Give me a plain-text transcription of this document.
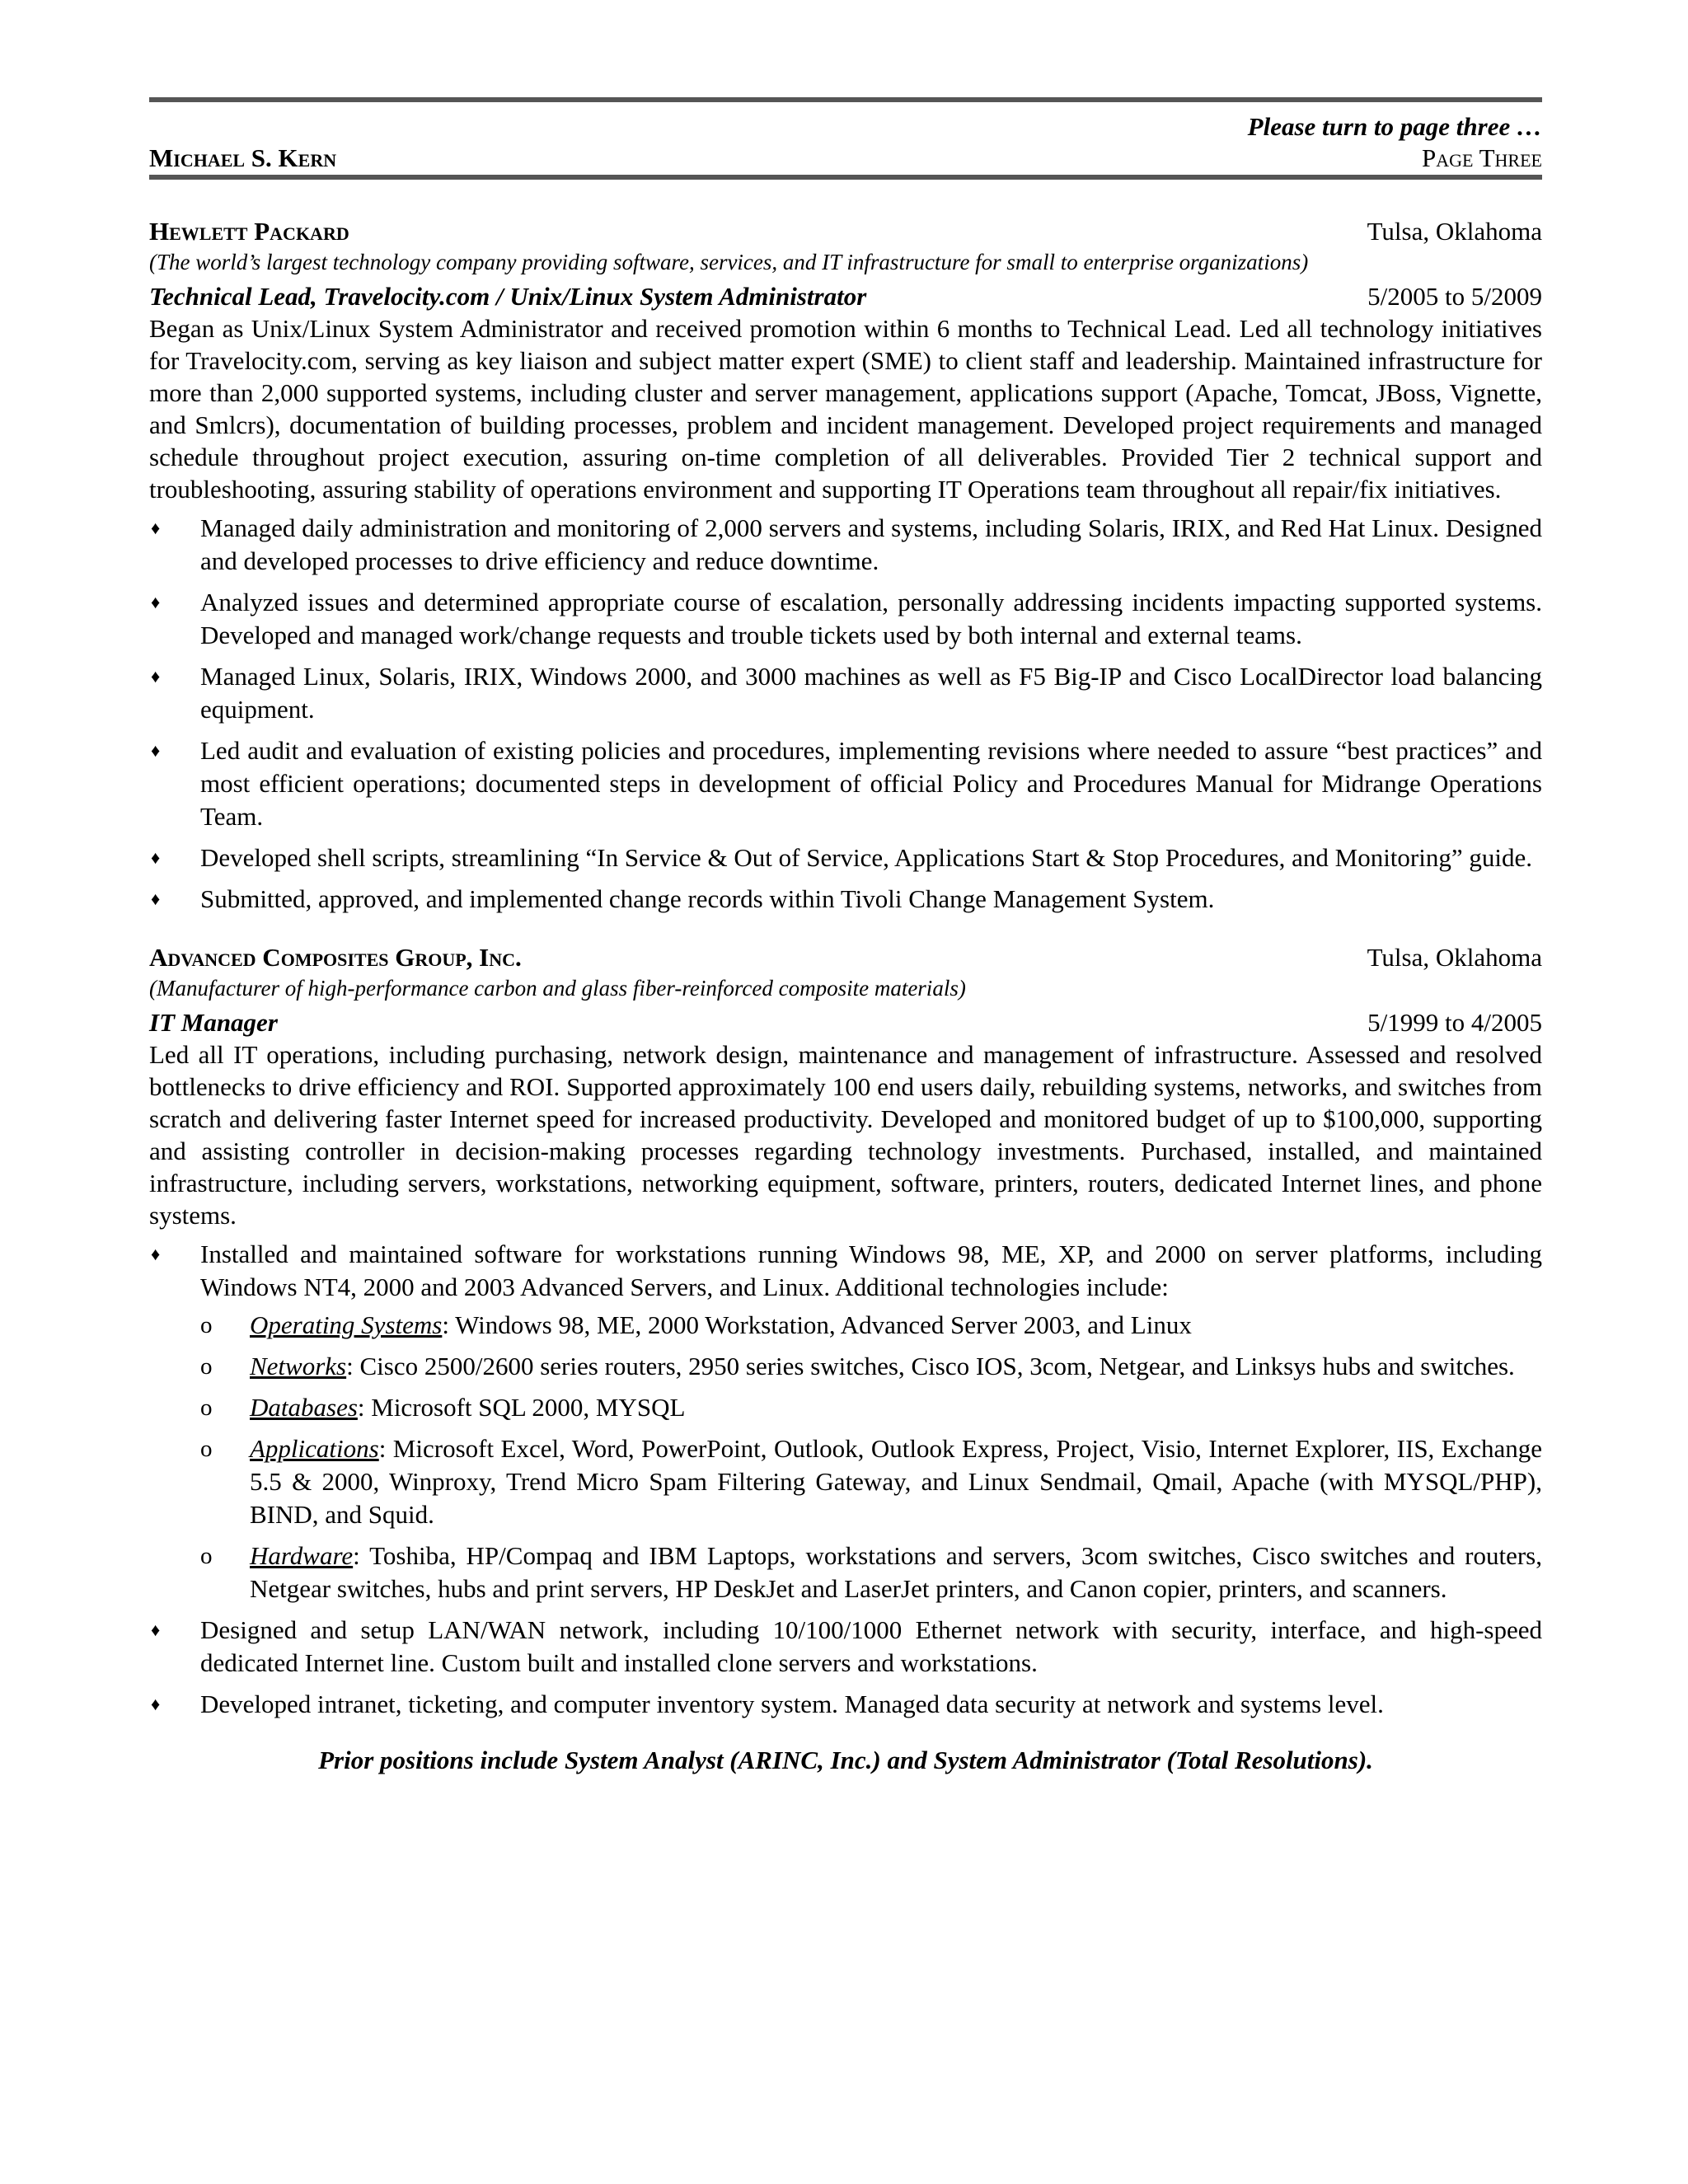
Please turn to page three …
Michael S. Kern	Page Three
Hewlett Packard	Tulsa, Oklahoma
(The world’s largest technology company providing software, services, and IT infrastructure for small to enterprise organizations)
Technical Lead, Travelocity.com / Unix/Linux System Administrator	5/2005 to 5/2009
Began as Unix/Linux System Administrator and received promotion within 6 months to Technical Lead. Led all technology initiatives for Travelocity.com, serving as key liaison and subject matter expert (SME) to client staff and leadership. Maintained infrastructure for more than 2,000 supported systems, including cluster and server management, applications support (Apache, Tomcat, JBoss, Vignette, and Smlcrs), documentation of building processes, problem and incident management. Developed project requirements and managed schedule throughout project execution, assuring on-time completion of all deliverables. Provided Tier 2 technical support and troubleshooting, assuring stability of operations environment and supporting IT Operations team throughout all repair/fix initiatives.
♦ Managed daily administration and monitoring of 2,000 servers and systems, including Solaris, IRIX, and Red Hat Linux. Designed and developed processes to drive efficiency and reduce downtime.
♦ Analyzed issues and determined appropriate course of escalation, personally addressing incidents impacting supported systems. Developed and managed work/change requests and trouble tickets used by both internal and external teams.
♦ Managed Linux, Solaris, IRIX, Windows 2000, and 3000 machines as well as F5 Big-IP and Cisco LocalDirector load balancing equipment.
♦ Led audit and evaluation of existing policies and procedures, implementing revisions where needed to assure “best practices” and most efficient operations; documented steps in development of official Policy and Procedures Manual for Midrange Operations Team.
♦ Developed shell scripts, streamlining “In Service & Out of Service, Applications Start & Stop Procedures, and Monitoring” guide.
♦ Submitted, approved, and implemented change records within Tivoli Change Management System.
Advanced Composites Group, Inc.	Tulsa, Oklahoma
(Manufacturer of high-performance carbon and glass fiber-reinforced composite materials)
IT Manager	5/1999 to 4/2005
Led all IT operations, including purchasing, network design, maintenance and management of infrastructure. Assessed and resolved bottlenecks to drive efficiency and ROI. Supported approximately 100 end users daily, rebuilding systems, networks, and switches from scratch and delivering faster Internet speed for increased productivity. Developed and monitored budget of up to $100,000, supporting and assisting controller in decision-making processes regarding technology investments. Purchased, installed, and maintained infrastructure, including servers, workstations, networking equipment, software, printers, routers, dedicated Internet lines, and phone systems.
♦ Installed and maintained software for workstations running Windows 98, ME, XP, and 2000 on server platforms, including Windows NT4, 2000 and 2003 Advanced Servers, and Linux. Additional technologies include:
o Operating Systems: Windows 98, ME, 2000 Workstation, Advanced Server 2003, and Linux
o Networks: Cisco 2500/2600 series routers, 2950 series switches, Cisco IOS, 3com, Netgear, and Linksys hubs and switches.
o Databases: Microsoft SQL 2000, MYSQL
o Applications: Microsoft Excel, Word, PowerPoint, Outlook, Outlook Express, Project, Visio, Internet Explorer, IIS, Exchange 5.5 & 2000, Winproxy, Trend Micro Spam Filtering Gateway, and Linux Sendmail, Qmail, Apache (with MYSQL/PHP), BIND, and Squid.
o Hardware: Toshiba, HP/Compaq and IBM Laptops, workstations and servers, 3com switches, Cisco switches and routers, Netgear switches, hubs and print servers, HP DeskJet and LaserJet printers, and Canon copier, printers, and scanners.
♦ Designed and setup LAN/WAN network, including 10/100/1000 Ethernet network with security, interface, and high-speed dedicated Internet line. Custom built and installed clone servers and workstations.
♦ Developed intranet, ticketing, and computer inventory system. Managed data security at network and systems level.
Prior positions include System Analyst (ARINC, Inc.) and System Administrator (Total Resolutions).
